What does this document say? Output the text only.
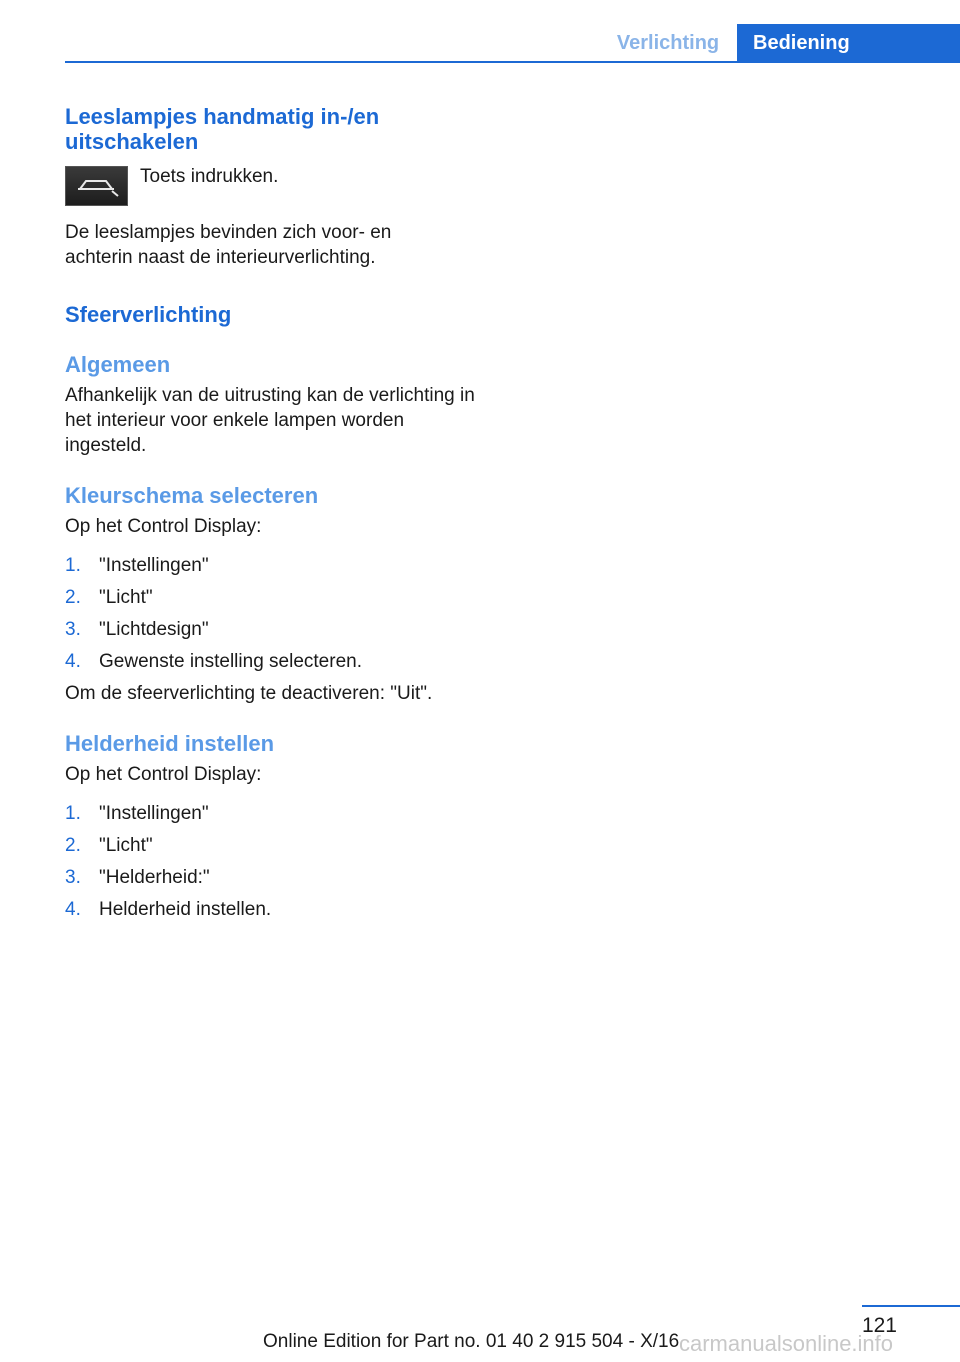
Verlichting	Bediening
Leeslampjes handmatig in-/en uitschakelen

Toets indrukken.

De leeslampjes bevinden zich voor- en achterin naast de interieurverlichting.

Sfeerverlichting
Algemeen

Afhankelijk van de uitrusting kan de verlichting in het interieur voor enkele lampen worden ingesteld.

Kleurschema selecteren

Op het Control Display:

1. "Instellingen"
2. "Licht"
3. "Lichtdesign"
4. Gewenste instelling selecteren.

Om de sfeerverlichting te deactiveren: "Uit".

Helderheid instellen

Op het Control Display:

1. "Instellingen"
2. "Licht"
3. "Helderheid:"
4. Helderheid instellen.
121
Online Edition for Part no. 01 40 2 915 504 - X/16 carmanualsonline.info
